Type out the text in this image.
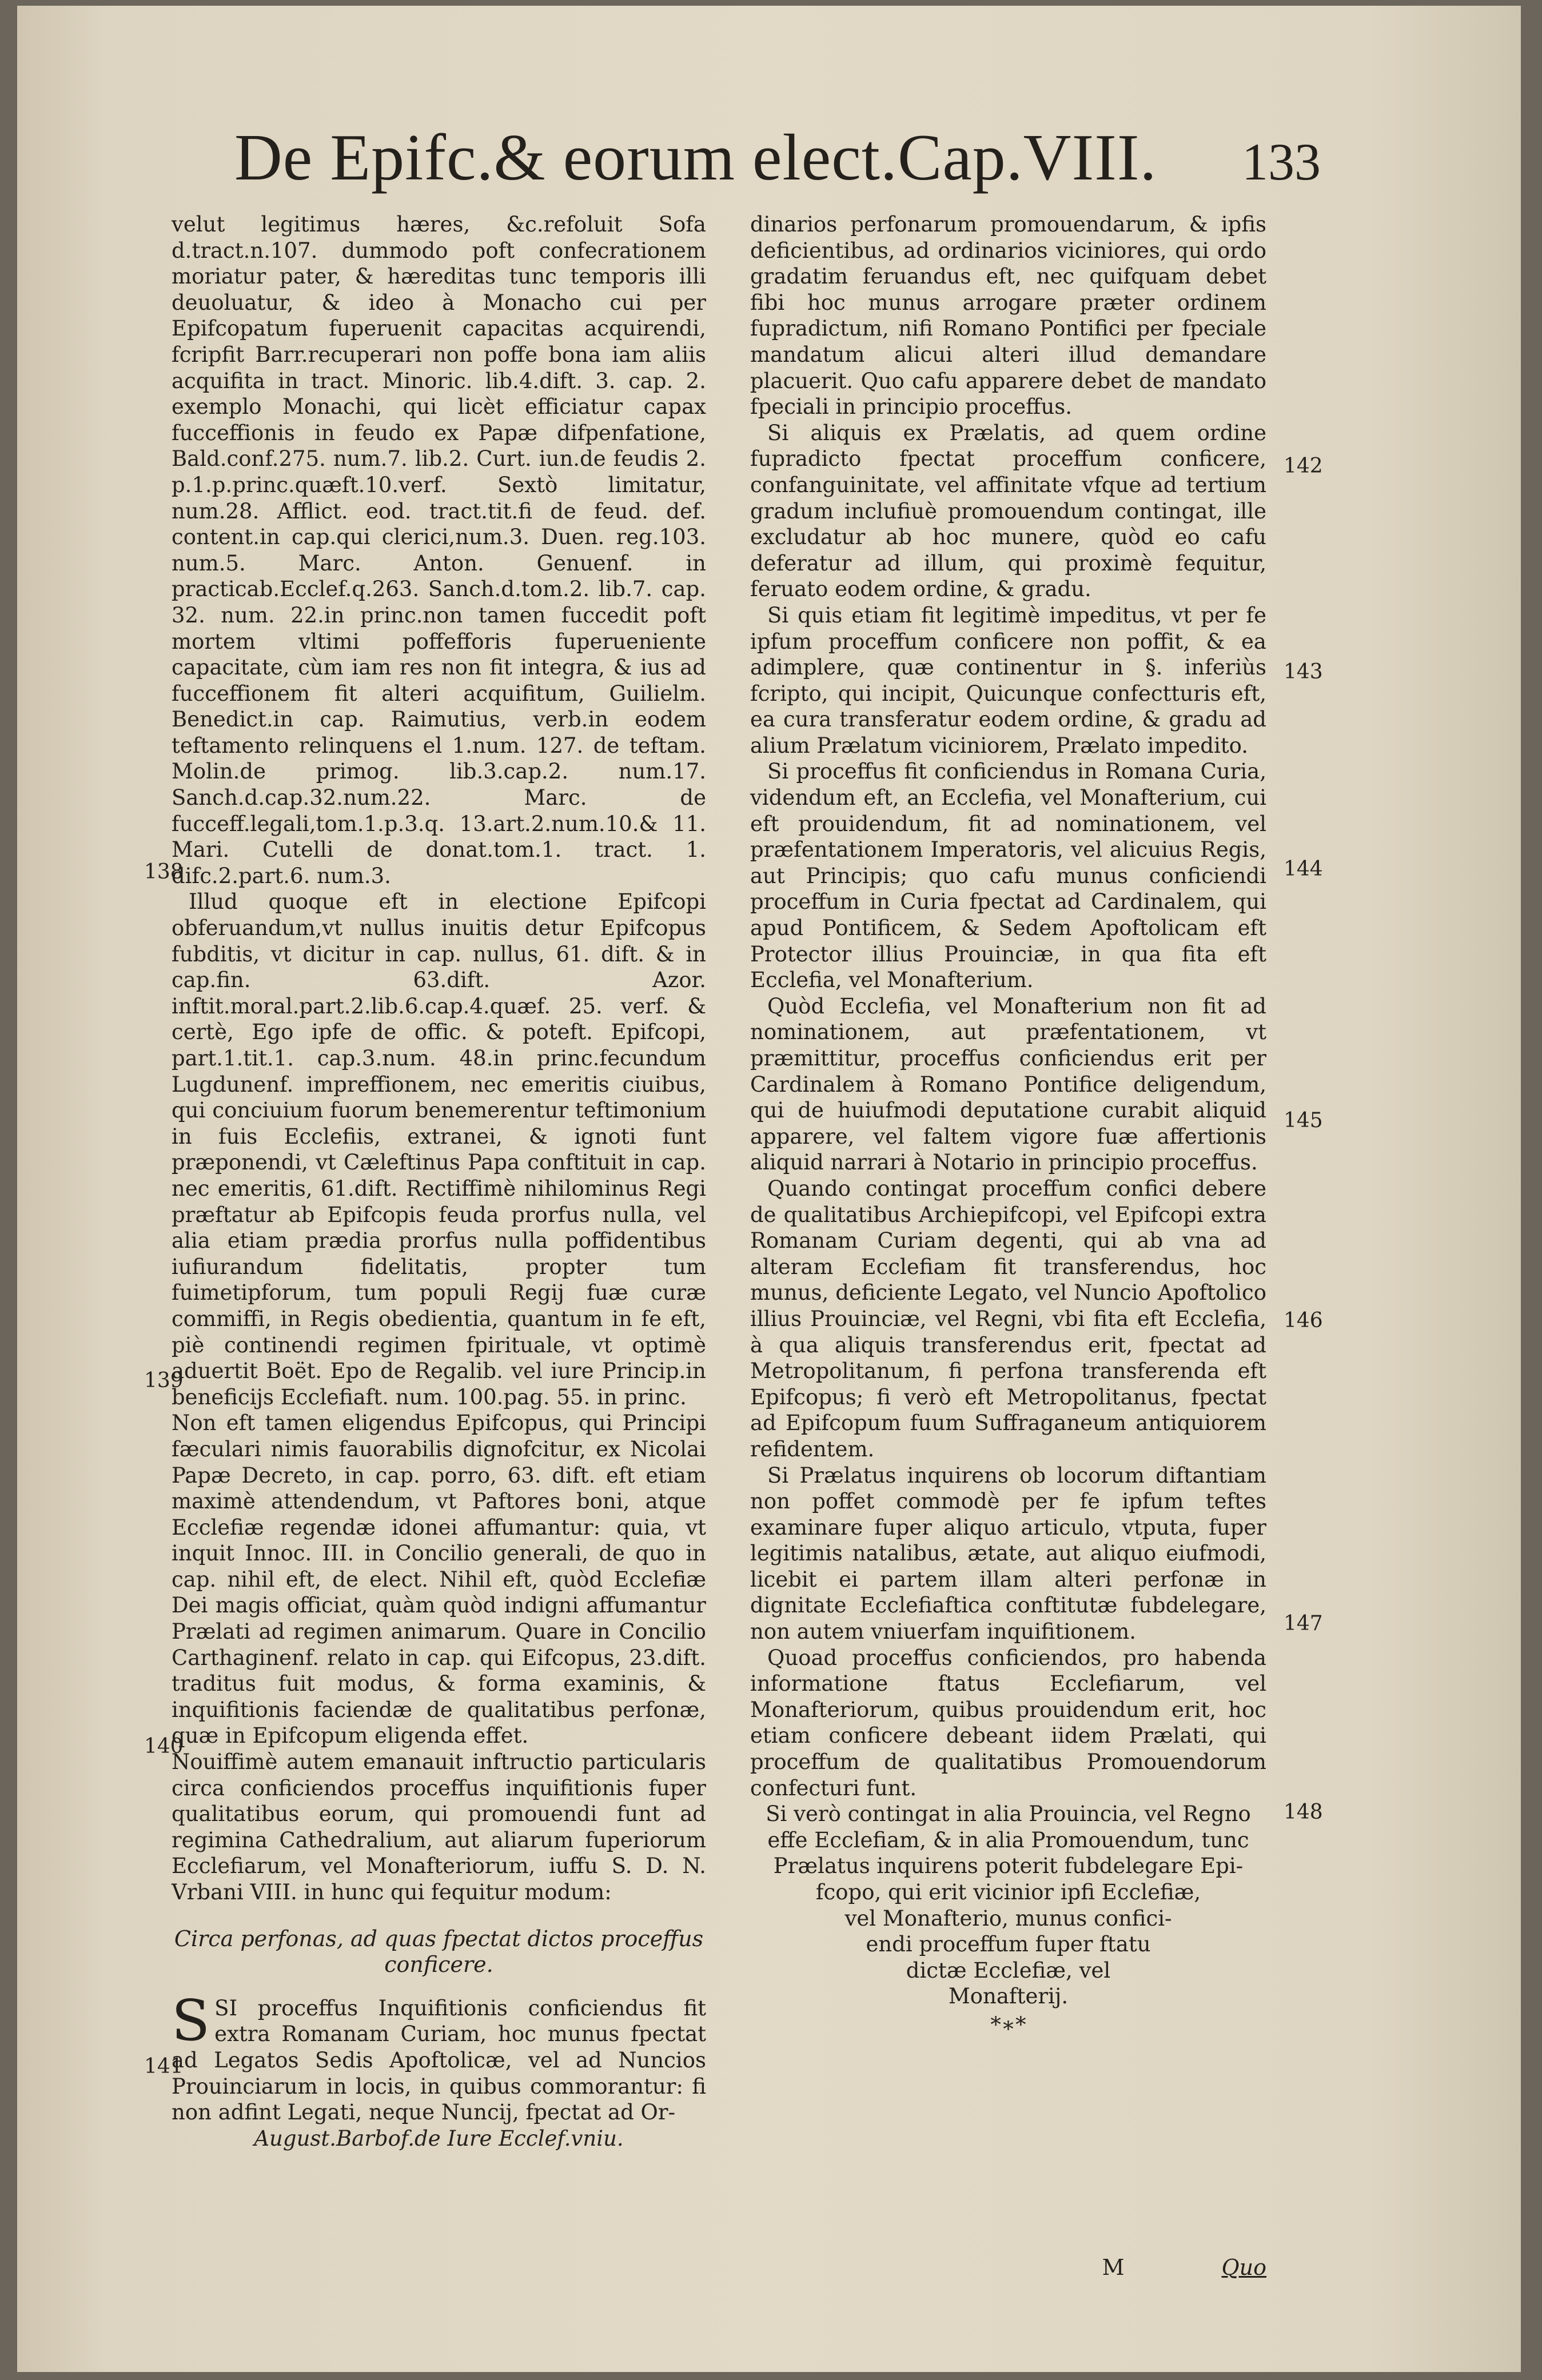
De Epifc.& eorum elect.Cap.VIII. 133

velut legitimus hæres, &c.refoluit Sofa d.tract.n.107. dummodo poft confecrationem moriatur pater, & hæreditas tunc temporis illi deuoluatur, & ideo à Monacho cui per Epifcopatum fuperuenit capacitas acquirendi, fcripfit Barr.recuperari non poffe bona iam aliis acquifita in tract. Minoric. lib.4.dift. 3. cap. 2. exemplo Monachi, qui licèt efficiatur capax fucceffionis in feudo ex Papæ difpenfatione, Bald.conf.275. num.7. lib.2. Curt. iun.de feudis 2. p.1.p.princ.quæft.10.verf. Sextò limitatur, num.28. Afflict. eod. tract.tit.fi de feud. def. content.in cap.qui clerici,num.3. Duen. reg.103. num.5. Marc. Anton. Genuenf. in practicab.Ecclef.q.263. Sanch.d.tom.2. lib.7. cap. 32. num. 22.in princ.non tamen fuccedit poft mortem vltimi poffefforis fuperueniente capacitate, cùm iam res non fit integra, & ius ad fucceffionem fit alteri acquifitum, Guilielm. Benedict.in cap. Raimutius, verb.in eodem teftamento relinquens el 1.num. 127. de teftam. Molin.de primog. lib.3.cap.2. num.17. Sanch.d.cap.32.num.22. Marc. de fucceff.legali,tom.1.p.3.q. 13.art.2.num.10.& 11. Mari. Cutelli de donat.tom.1. tract. 1. difc.2.part.6. num.3.

Illud quoque eft in electione Epifcopi obferuandum,vt nullus inuitis detur Epifcopus fubditis, vt dicitur in cap. nullus, 61. dift. & in cap.fin. 63.dift. Azor. inftit.moral.part.2.lib.6.cap.4.quæf. 25. verf. & certè, Ego ipfe de offic. & poteft. Epifcopi, part.1.tit.1. cap.3.num. 48.in princ.fecundum Lugdunenf. impreffionem, nec emeritis ciuibus, qui conciuium fuorum benemerentur teftimonium in fuis Ecclefiis, extranei, & ignoti funt præponendi, vt Cæleftinus Papa conftituit in cap. nec emeritis, 61.dift. Rectiffimè nihilominus Regi præftatur ab Epifcopis feuda prorfus nulla, vel alia etiam prædia prorfus nulla poffidentibus iufiurandum fidelitatis, propter tum fuimetipforum, tum populi Regij fuæ curæ commiffi, in Regis obedientia, quantum in fe eft, piè continendi regimen fpirituale, vt optimè aduertit Boët. Epo de Regalib. vel iure Princip.in beneficijs Ecclefiaft. num. 100.pag. 55. in princ.

Non eft tamen eligendus Epifcopus, qui Principi fæculari nimis fauorabilis dignofcitur, ex Nicolai Papæ Decreto, in cap. porro, 63. dift. eft etiam maximè attendendum, vt Paftores boni, atque Ecclefiæ regendæ idonei affumantur: quia, vt inquit Innoc. III. in Concilio generali, de quo in cap. nihil eft, de elect. Nihil eft, quòd Ecclefiæ Dei magis officiat, quàm quòd indigni affumantur Prælati ad regimen animarum. Quare in Concilio Carthaginenf. relato in cap. qui Eifcopus, 23.dift. traditus fuit modus, & forma examinis, & inquifitionis faciendæ de qualitatibus perfonæ, quæ in Epifcopum eligenda effet.

Nouiffimè autem emanauit inftructio particularis circa conficiendos proceffus inquifitionis fuper qualitatibus eorum, qui promouendi funt ad regimina Cathedralium, aut aliarum fuperiorum Ecclefiarum, vel Monafteriorum, iuffu S. D. N. Vrbani VIII. in hunc qui fequitur modum:

Circa perfonas, ad quas fpectat dictos proceffus conficere.

SSI proceffus Inquifitionis conficiendus fit extra Romanam Curiam, hoc munus fpectat ad Legatos Sedis Apoftolicæ, vel ad Nuncios Prouinciarum in locis, in quibus commorantur: fi non adfint Legati, neque Nuncij, fpectat ad Or-

August.Barbof.de Iure Ecclef.vniu.

dinarios perfonarum promouendarum, & ipfis deficientibus, ad ordinarios viciniores, qui ordo gradatim feruandus eft, nec quifquam debet fibi hoc munus arrogare præter ordinem fupradictum, nifi Romano Pontifici per fpeciale mandatum alicui alteri illud demandare placuerit. Quo cafu apparere debet de mandato fpeciali in principio proceffus.

Si aliquis ex Prælatis, ad quem ordine fupradicto fpectat proceffum conficere, confanguinitate, vel affinitate vfque ad tertium gradum inclufiuè promouendum contingat, ille excludatur ab hoc munere, quòd eo cafu deferatur ad illum, qui proximè fequitur, feruato eodem ordine, & gradu.

Si quis etiam fit legitimè impeditus, vt per fe ipfum proceffum conficere non poffit, & ea adimplere, quæ continentur in §. inferiùs fcripto, qui incipit, Quicunque confectturis eft, ea cura transferatur eodem ordine, & gradu ad alium Prælatum viciniorem, Prælato impedito.

Si proceffus fit conficiendus in Romana Curia, videndum eft, an Ecclefia, vel Monafterium, cui eft prouidendum, fit ad nominationem, vel præfentationem Imperatoris, vel alicuius Regis, aut Principis; quo cafu munus conficiendi proceffum in Curia fpectat ad Cardinalem, qui apud Pontificem, & Sedem Apoftolicam eft Protector illius Prouinciæ, in qua fita eft Ecclefia, vel Monafterium.

Quòd Ecclefia, vel Monafterium non fit ad nominationem, aut præfentationem, vt præmittitur, proceffus conficiendus erit per Cardinalem à Romano Pontifice deligendum, qui de huiufmodi deputatione curabit aliquid apparere, vel faltem vigore fuæ affertionis aliquid narrari à Notario in principio proceffus.

Quando contingat proceffum confici debere de qualitatibus Archiepifcopi, vel Epifcopi extra Romanam Curiam degenti, qui ab vna ad alteram Ecclefiam fit transferendus, hoc munus, deficiente Legato, vel Nuncio Apoftolico illius Prouinciæ, vel Regni, vbi fita eft Ecclefia, à qua aliquis transferendus erit, fpectat ad Metropolitanum, fi perfona transferenda eft Epifcopus; fi verò eft Metropolitanus, fpectat ad Epifcopum fuum Suffraganeum antiquiorem refidentem.

Si Prælatus inquirens ob locorum diftantiam non poffet commodè per fe ipfum teftes examinare fuper aliquo articulo, vtputa, fuper legitimis natalibus, ætate, aut aliquo eiufmodi, licebit ei partem illam alteri perfonæ in dignitate Ecclefiaftica conftitutæ fubdelegare, non autem vniuerfam inquifitionem.

Quoad proceffus conficiendos, pro habenda informatione ftatus Ecclefiarum, vel Monafteriorum, quibus prouidendum erit, hoc etiam conficere debeant iidem Prælati, qui proceffum de qualitatibus Promouendorum confecturi funt.

Si verò contingat in alia Prouincia, vel Regno
effe Ecclefiam, & in alia Promouendum, tunc
Prælatus inquirens poterit fubdelegare Epi-
fcopo, qui erit vicinior ipfi Ecclefiæ,
vel Monafterio, munus confici-
endi proceffum fuper ftatu
dictæ Ecclefiæ, vel
Monafterij.
*∗*
138
139
140
141
142
143
144
145
146
147
148
M	Quo
